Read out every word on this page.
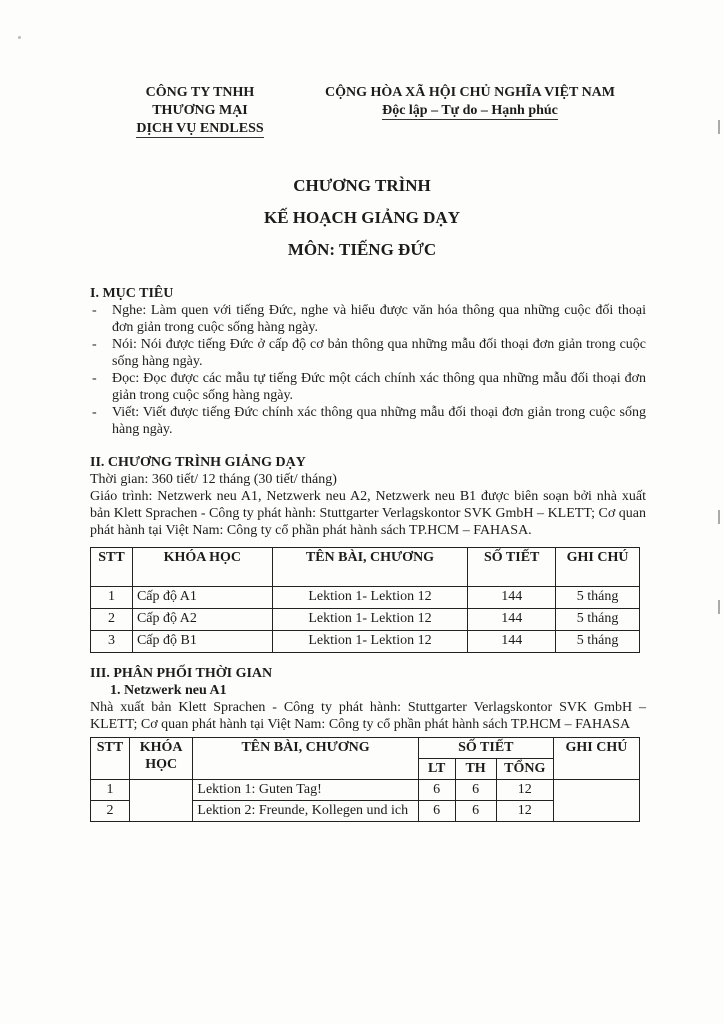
CÔNG TY TNHH
THƯƠNG MẠI
DỊCH VỤ ENDLESS
CỘNG HÒA XÃ HỘI CHỦ NGHĨA VIỆT NAM
Độc lập – Tự do – Hạnh phúc
CHƯƠNG TRÌNH
KẾ HOẠCH GIẢNG DẠY
MÔN: TIẾNG ĐỨC

I. MỤC TIÊU

- Nghe: Làm quen với tiếng Đức, nghe và hiểu được văn hóa thông qua những cuộc đối thoại đơn giản trong cuộc sống hàng ngày.
- Nói: Nói được tiếng Đức ở cấp độ cơ bản thông qua những mẫu đối thoại đơn giản trong cuộc sống hàng ngày.
- Đọc: Đọc được các mẫu tự tiếng Đức một cách chính xác thông qua những mẫu đối thoại đơn giản trong cuộc sống hàng ngày.
- Viết: Viết được tiếng Đức chính xác thông qua những mẫu đối thoại đơn giản trong cuộc sống hàng ngày.

II. CHƯƠNG TRÌNH GIẢNG DẠY

Thời gian: 360 tiết/ 12 tháng (30 tiết/ tháng)

Giáo trình: Netzwerk neu A1, Netzwerk neu A2, Netzwerk neu B1 được biên soạn bởi nhà xuất bản Klett Sprachen - Công ty phát hành: Stuttgarter Verlagskontor SVK GmbH – KLETT; Cơ quan phát hành tại Việt Nam: Công ty cổ phần phát hành sách TP.HCM – FAHASA.

STT	KHÓA HỌC	TÊN BÀI, CHƯƠNG	SỐ TIẾT	GHI CHÚ
1	Cấp độ A1	Lektion 1- Lektion 12	144	5 tháng
2	Cấp độ A2	Lektion 1- Lektion 12	144	5 tháng
3	Cấp độ B1	Lektion 1- Lektion 12	144	5 tháng

III. PHÂN PHỐI THỜI GIAN

1. Netzwerk neu A1

Nhà xuất bản Klett Sprachen - Công ty phát hành: Stuttgarter Verlagskontor SVK GmbH – KLETT; Cơ quan phát hành tại Việt Nam: Công ty cổ phần phát hành sách TP.HCM – FAHASA

STT	KHÓA HỌC	TÊN BÀI, CHƯƠNG	SỐ TIẾT			GHI CHÚ
			LT	TH	TỔNG	
1		Lektion 1: Guten Tag!	6	6	12	
2		Lektion 2: Freunde, Kollegen und ich	6	6	12	
